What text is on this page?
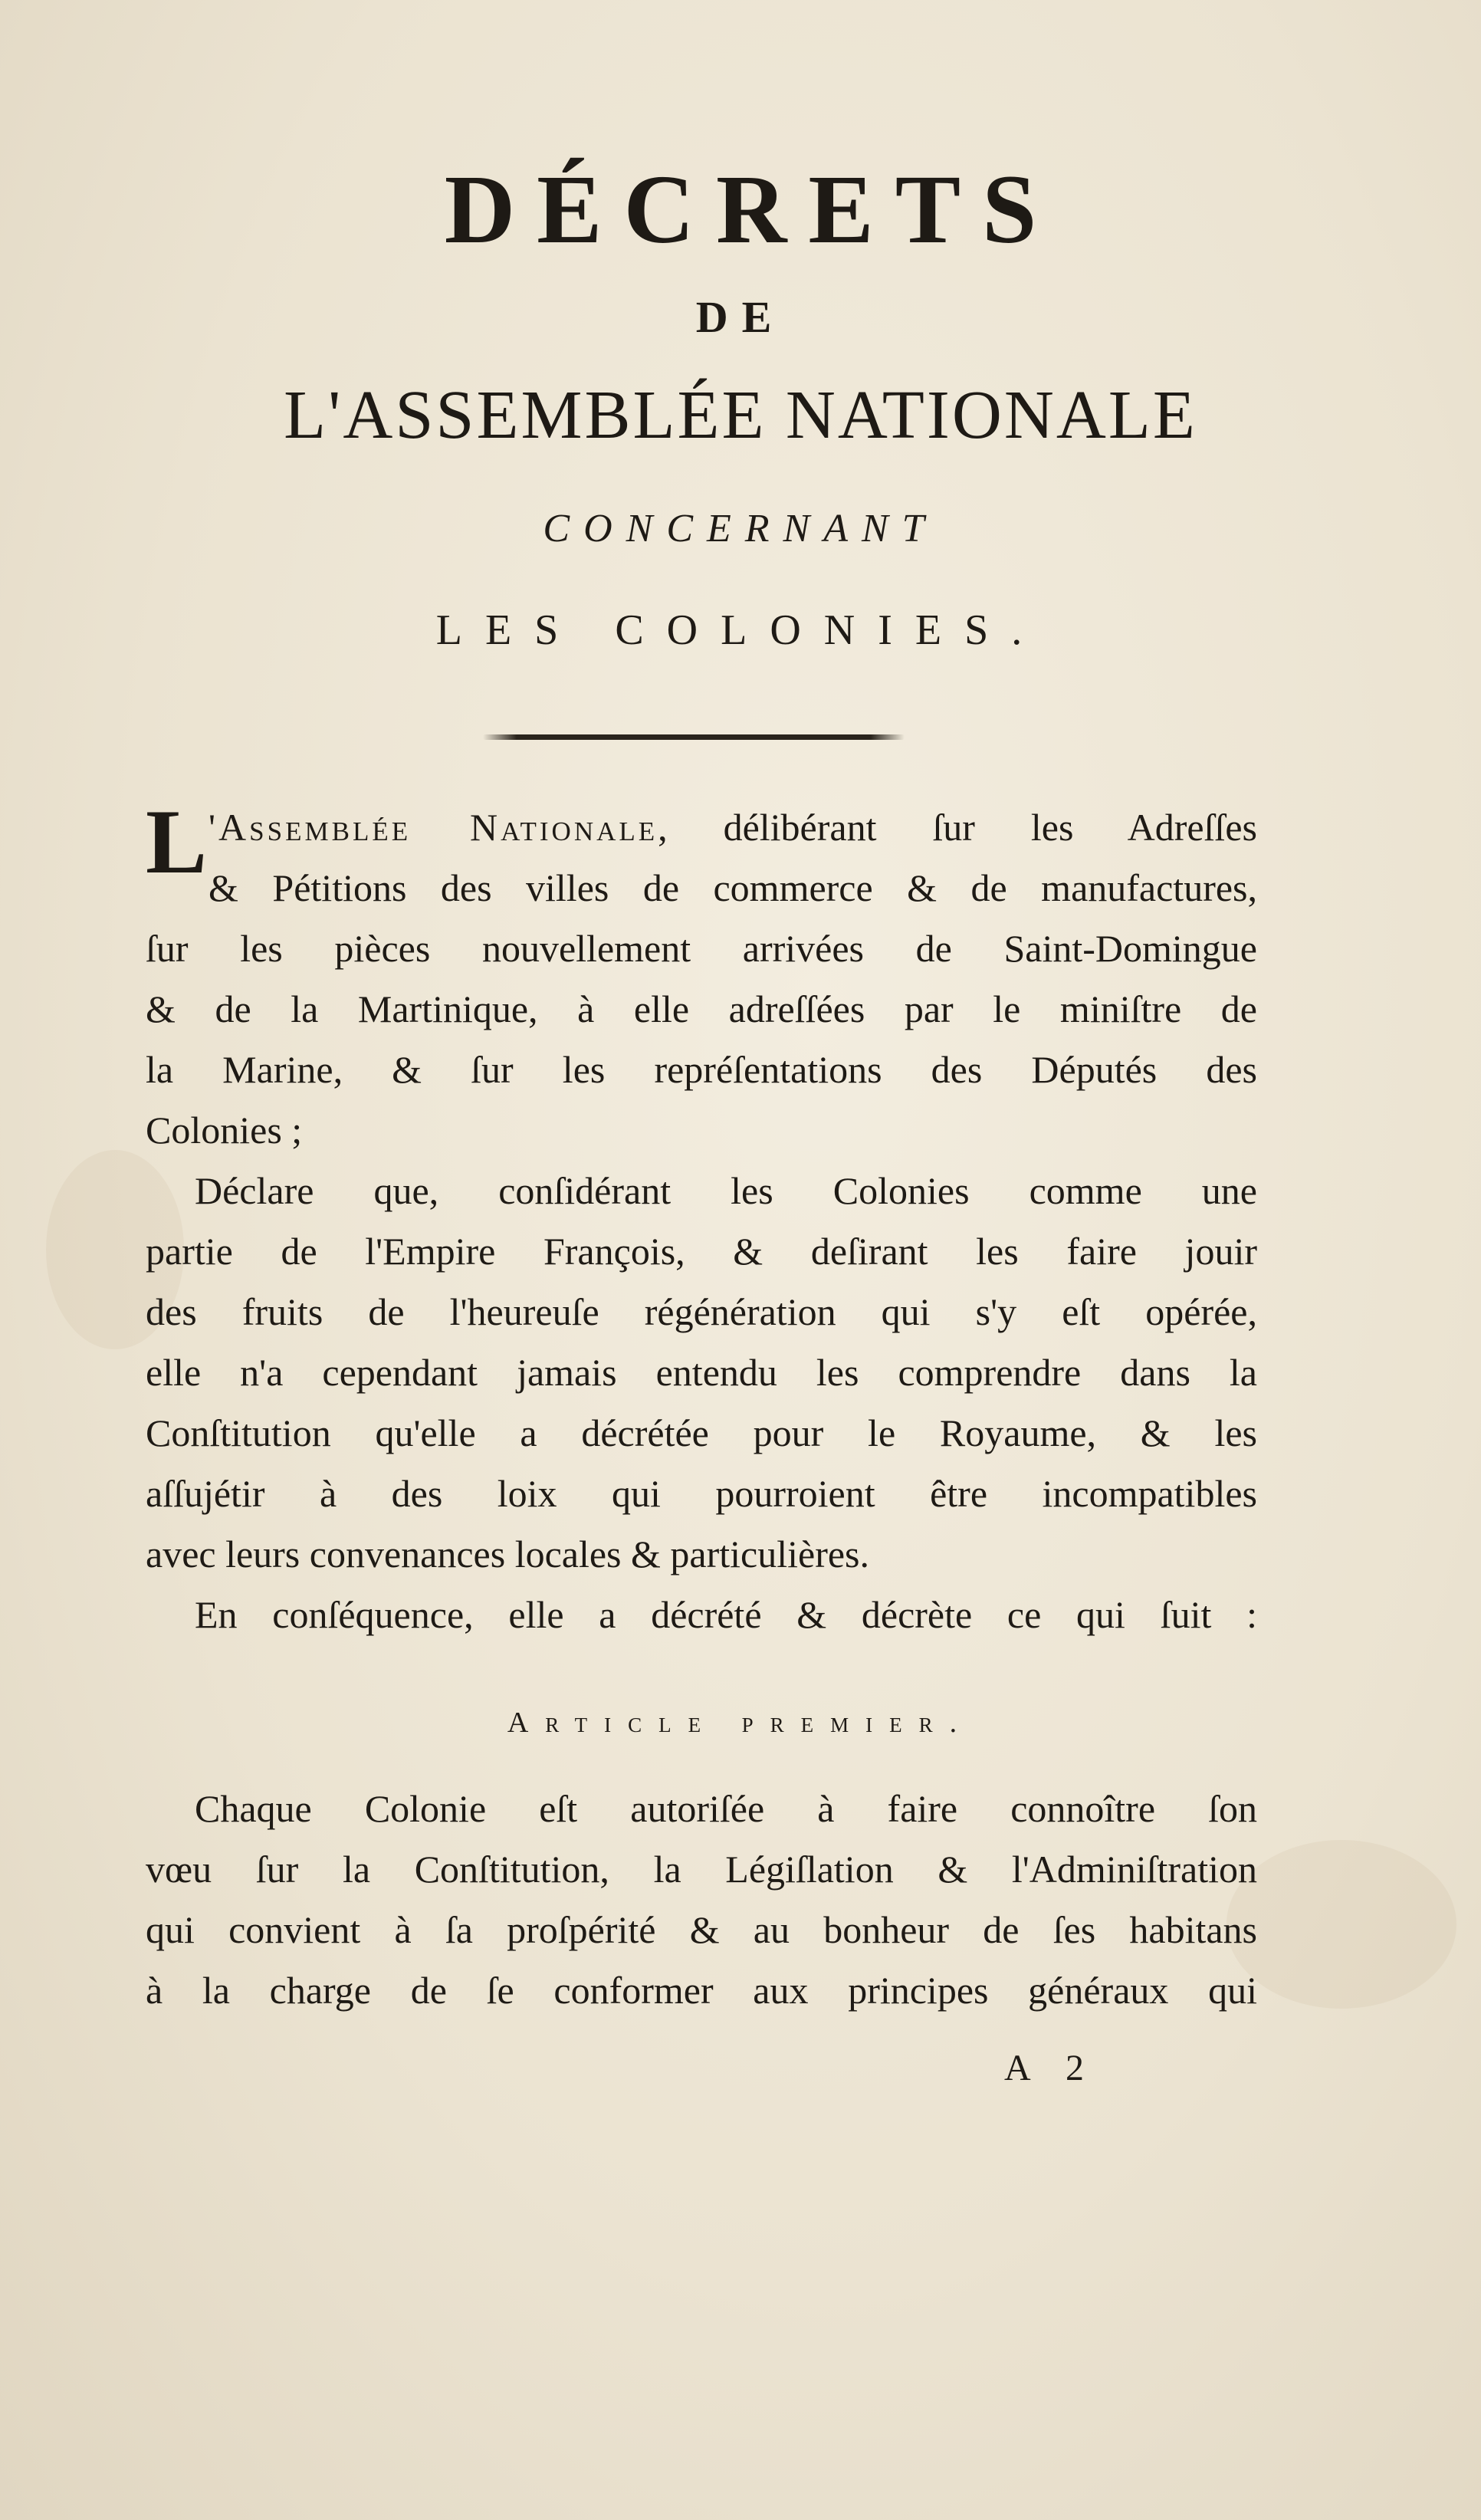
DÉCRETS
DE
L'ASSEMBLÉE NATIONALE
CONCERNANT
LES COLONIES.

L 'Assemblée Nationale, délibérant ſur les Adreſſes
& Pétitions des villes de commerce & de manufactures,
ſur les pièces nouvellement arrivées de Saint-Domingue
& de la Martinique, à elle adreſſées par le miniſtre de
la Marine, & ſur les repréſentations des Députés des
Colonies ;

Déclare que, conſidérant les Colonies comme une
partie de l'Empire François, & deſirant les faire jouir
des fruits de l'heureuſe régénération qui s'y eſt opérée,
elle n'a cependant jamais entendu les comprendre dans la
Conſtitution qu'elle a décrétée pour le Royaume, & les
aſſujétir à des loix qui pourroient être incompatibles
avec leurs convenances locales & particulières.

En conſéquence, elle a décrété & décrète ce qui ſuit :

Article premier.

Chaque Colonie eſt autoriſée à faire connoître ſon
vœu ſur la Conſtitution, la Légiſlation & l'Adminiſtration
qui convient à ſa proſpérité & au bonheur de ſes habitans
à la charge de ſe conformer aux principes généraux qui

A 2
